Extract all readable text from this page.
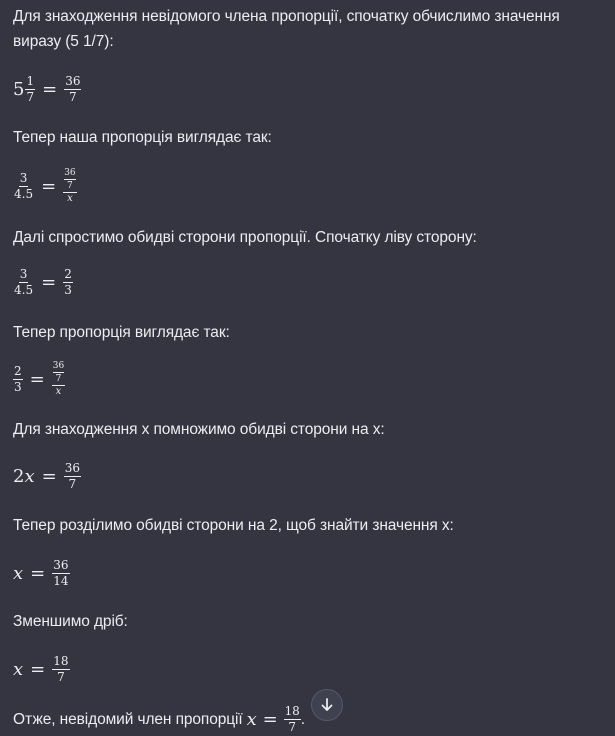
Для знаходження невідомого члена пропорції, спочатку обчислимо значення виразу (5 1/7):
$5 \frac{1}{7} = \frac{36}{7}$
Тепер наша пропорція виглядає так:
$\frac{3}{4.5} = \frac{\frac{36}{7}}{x}$
Далі спростимо обидві сторони пропорції. Спочатку ліву сторону:
$\frac{3}{4.5} = \frac{2}{3}$
Тепер пропорція виглядає так:
$\frac{2}{3} = \frac{\frac{36}{7}}{x}$
Для знаходження x помножимо обидві сторони на x:
2 $x = \frac{36}{7}$
Тепер розділимо обидві сторони на 2, щоб знайти значення x:
$x = \frac{36}{14}$
Зменшимо дріб:
$x = \frac{18}{7}$
Отже, невідомий член пропорції $x = \frac{18}{7}$ .
